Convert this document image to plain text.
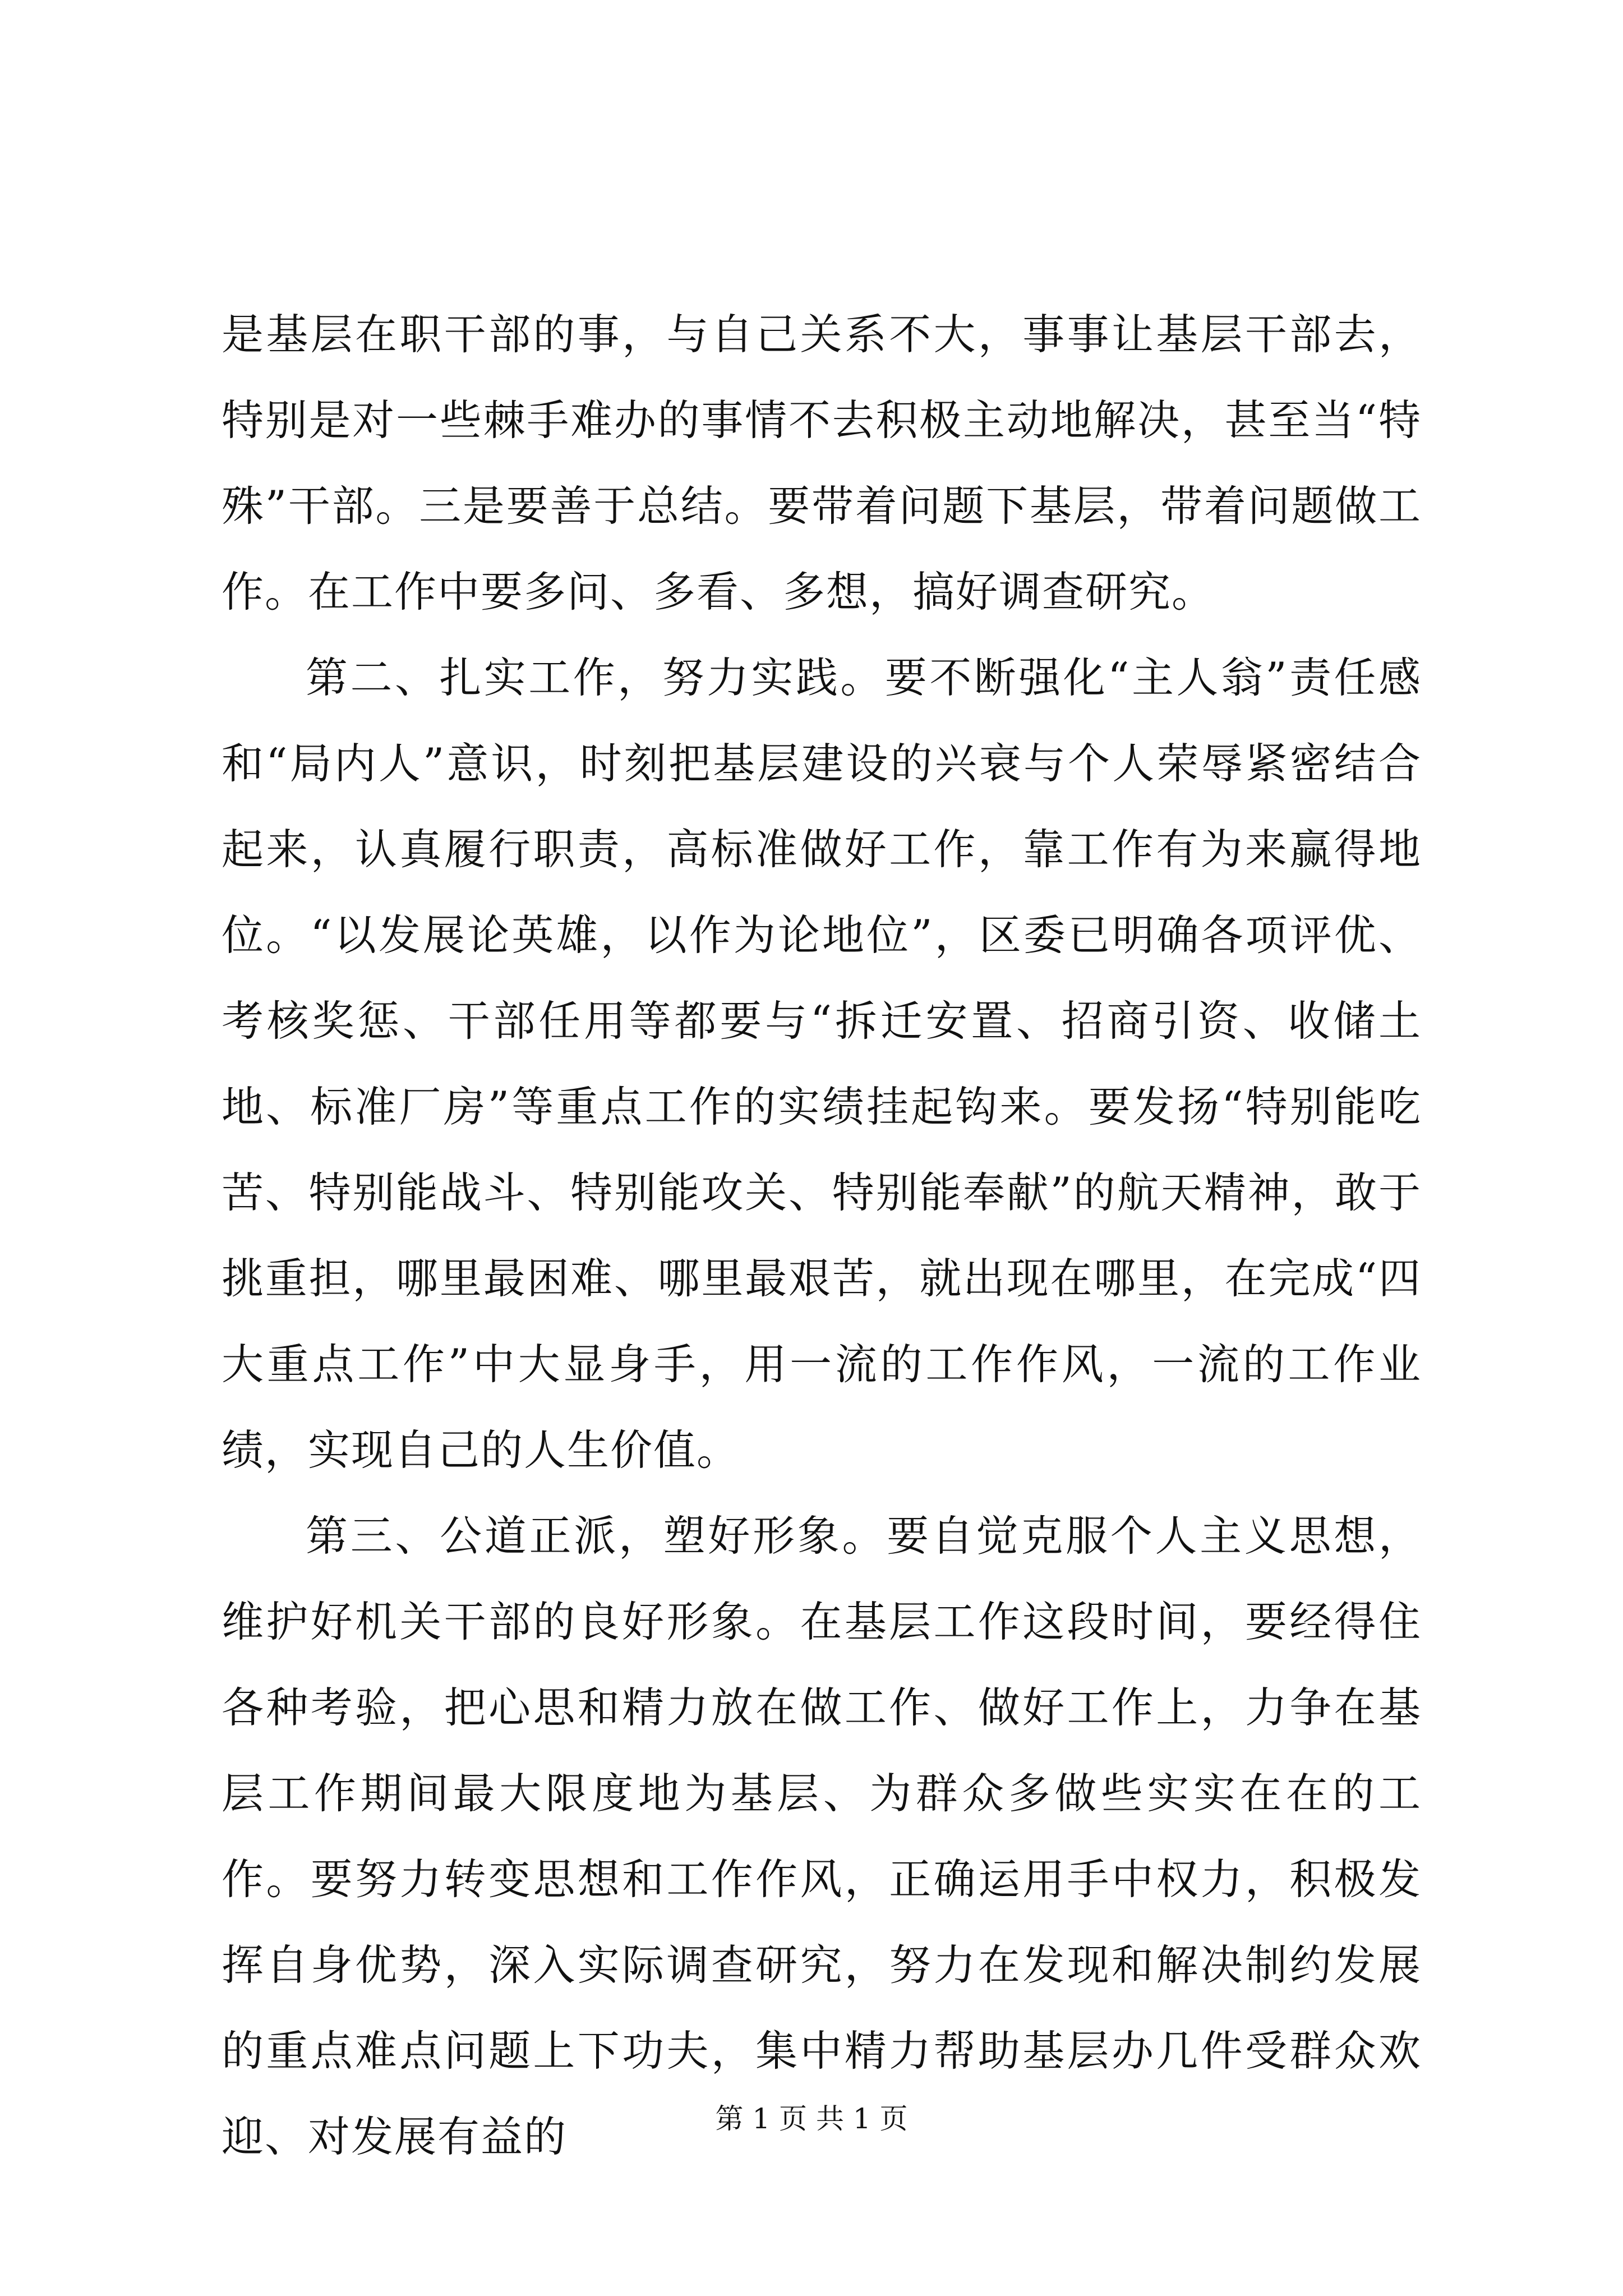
是基层在职干部的事，与自己关系不大，事事让基层干部去，特别是对一些棘手难办的事情不去积极主动地解决，甚至当“特殊”干部。三是要善于总结。要带着问题下基层，带着问题做工作。在工作中要多问、多看、多想，搞好调查研究。

第二、扎实工作，努力实践。要不断强化“主人翁”责任感和“局内人”意识，时刻把基层建设的兴衰与个人荣辱紧密结合起来，认真履行职责，高标准做好工作，靠工作有为来赢得地位。“以发展论英雄，以作为论地位”，区委已明确各项评优、考核奖惩、干部任用等都要与“拆迁安置、招商引资、收储土地、标准厂房”等重点工作的实绩挂起钩来。要发扬“特别能吃苦、特别能战斗、特别能攻关、特别能奉献”的航天精神，敢于挑重担，哪里最困难、哪里最艰苦，就出现在哪里，在完成“四大重点工作”中大显身手，用一流的工作作风，一流的工作业绩，实现自己的人生价值。

第三、公道正派，塑好形象。要自觉克服个人主义思想，维护好机关干部的良好形象。在基层工作这段时间，要经得住各种考验，把心思和精力放在做工作、做好工作上，力争在基层工作期间最大限度地为基层、为群众多做些实实在在的工作。要努力转变思想和工作作风，正确运用手中权力，积极发挥自身优势，深入实际调查研究，努力在发现和解决制约发展的重点难点问题上下功夫，集中精力帮助基层办几件受群众欢迎、对发展有益的	第 1 页 共 1 页
